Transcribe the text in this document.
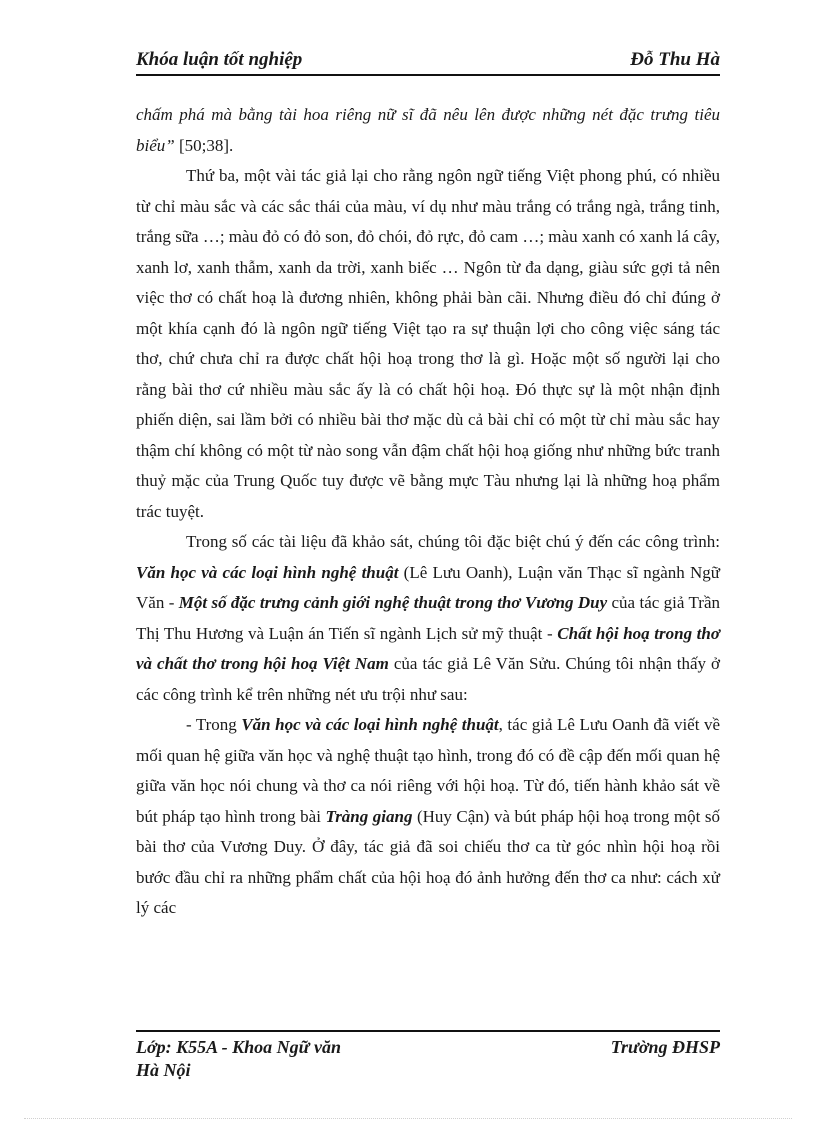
Khóa luận tốt nghiệp	Đỗ Thu Hà

chấm phá mà bằng tài hoa riêng nữ sĩ đã nêu lên được những nét đặc trưng tiêu biểu” [50;38].

Thứ ba, một vài tác giả lại cho rằng ngôn ngữ tiếng Việt phong phú, có nhiều từ chỉ màu sắc và các sắc thái của màu, ví dụ như màu trắng có trắng ngà, trắng tinh, trắng sữa …; màu đỏ có đỏ son, đỏ chói, đỏ rực, đỏ cam …; màu xanh có xanh lá cây, xanh lơ, xanh thẫm, xanh da trời, xanh biếc … Ngôn từ đa dạng, giàu sức gợi tả nên việc thơ có chất hoạ là đương nhiên, không phải bàn cãi. Nhưng điều đó chỉ đúng ở một khía cạnh đó là ngôn ngữ tiếng Việt tạo ra sự thuận lợi cho công việc sáng tác thơ, chứ chưa chỉ ra được chất hội hoạ trong thơ là gì. Hoặc một số người lại cho rằng bài thơ cứ nhiều màu sắc ấy là có chất hội hoạ. Đó thực sự là một nhận định phiến diện, sai lầm bởi có nhiều bài thơ mặc dù cả bài chỉ có một từ chỉ màu sắc hay thậm chí không có một từ nào song vẫn đậm chất hội hoạ giống như những bức tranh thuỷ mặc của Trung Quốc tuy được vẽ bằng mực Tàu nhưng lại là những hoạ phẩm trác tuyệt.

Trong số các tài liệu đã khảo sát, chúng tôi đặc biệt chú ý đến các công trình: Văn học và các loại hình nghệ thuật (Lê Lưu Oanh), Luận văn Thạc sĩ ngành Ngữ Văn - Một số đặc trưng cảnh giới nghệ thuật trong thơ Vương Duy của tác giả Trần Thị Thu Hương và Luận án Tiến sĩ ngành Lịch sử mỹ thuật - Chất hội hoạ trong thơ và chất thơ trong hội hoạ Việt Nam của tác giả Lê Văn Sửu. Chúng tôi nhận thấy ở các công trình kể trên những nét ưu trội như sau:

- Trong Văn học và các loại hình nghệ thuật, tác giả Lê Lưu Oanh đã viết về mối quan hệ giữa văn học và nghệ thuật tạo hình, trong đó có đề cập đến mối quan hệ giữa văn học nói chung và thơ ca nói riêng với hội hoạ. Từ đó, tiến hành khảo sát về bút pháp tạo hình trong bài Tràng giang (Huy Cận) và bút pháp hội hoạ trong một số bài thơ của Vương Duy. Ở đây, tác giả đã soi chiếu thơ ca từ góc nhìn hội hoạ rồi bước đầu chỉ ra những phẩm chất của hội hoạ đó ảnh hưởng đến thơ ca như: cách xử lý các

Lớp: K55A - Khoa Ngữ văn
Hà Nội
Trường ĐHSP
